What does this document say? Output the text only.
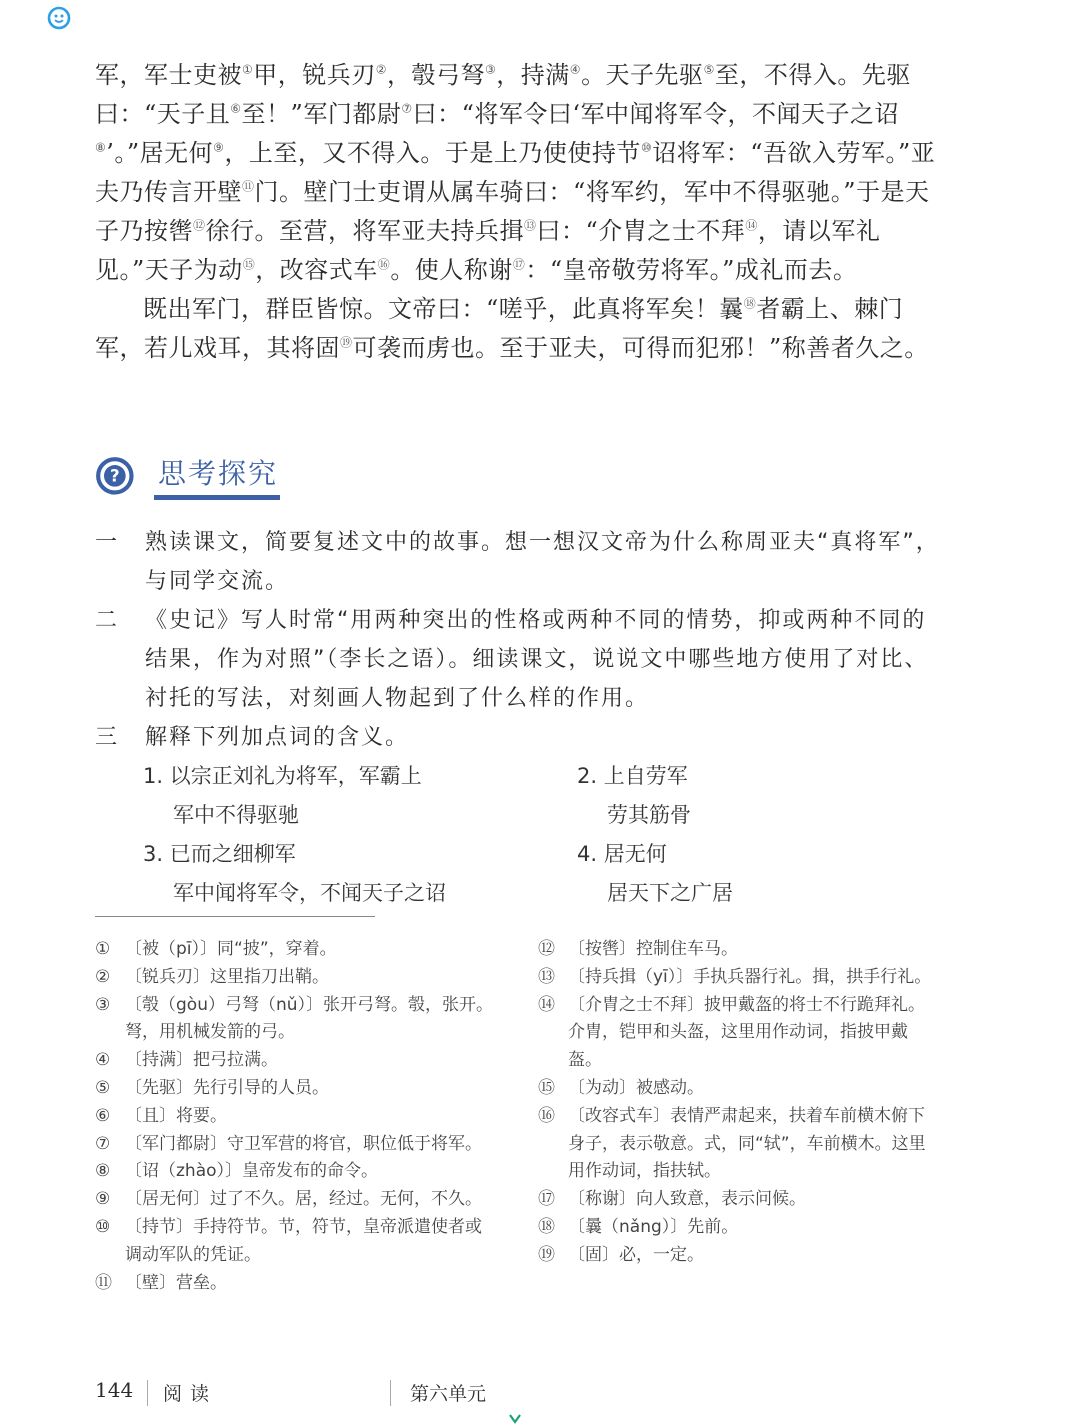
军，军士吏被①甲，锐兵刃②，彀弓弩③，持满④。天子先驱⑤至，不得入。先驱曰：“天子且⑥至！”军门都尉⑦曰：“将军令曰‘军中闻将军令，不闻天子之诏⑧’。”居无何⑨，上至，又不得入。于是上乃使使持节⑩诏将军：“吾欲入劳军。”亚夫乃传言开壁⑪门。壁门士吏谓从属车骑曰：“将军约，军中不得驱驰。”于是天子乃按辔⑫徐行。至营，将军亚夫持兵揖⑬曰：“介胄之士不拜⑭，请以军礼见。”天子为动⑮，改容式车⑯。使人称谢⑰：“皇帝敬劳将军。”成礼而去。

既出军门，群臣皆惊。文帝曰：“嗟乎，此真将军矣！曩⑱者霸上、棘门军，若儿戏耳，其将固⑲可袭而虏也。至于亚夫，可得而犯邪！”称善者久之。

? 思考探究
一	熟读课文，简要复述文中的故事。想一想汉文帝为什么称周亚夫“真将军”，与同学交流。
二	《史记》写人时常“用两种突出的性格或两种不同的情势，抑或两种不同的结果，作为对照”（李长之语）。细读课文，说说文中哪些地方使用了对比、衬托的写法，对刻画人物起到了什么样的作用。
三	解释下列加点词的含义。
1. 以宗正刘礼为将军，军霸上
军中不得驱驰
2. 上自劳军
劳其筋骨
3. 已而之细柳军
军中闻将军令，不闻天子之诏
4. 居无何
居天下之广居
① 〔被（pī）〕同“披”，穿着。
② 〔锐兵刃〕这里指刀出鞘。
③ 〔彀（gòu）弓弩（nǔ）〕张开弓弩。彀，张开。弩，用机械发箭的弓。
④ 〔持满〕把弓拉满。
⑤ 〔先驱〕先行引导的人员。
⑥ 〔且〕将要。
⑦ 〔军门都尉〕守卫军营的将官，职位低于将军。
⑧ 〔诏（zhào）〕皇帝发布的命令。
⑨ 〔居无何〕过了不久。居，经过。无何，不久。
⑩ 〔持节〕手持符节。节，符节，皇帝派遣使者或调动军队的凭证。
⑪ 〔壁〕营垒。
⑫ 〔按辔〕控制住车马。
⑬ 〔持兵揖（yī）〕手执兵器行礼。揖，拱手行礼。
⑭ 〔介胄之士不拜〕披甲戴盔的将士不行跪拜礼。介胄，铠甲和头盔，这里用作动词，指披甲戴盔。
⑮ 〔为动〕被感动。
⑯ 〔改容式车〕表情严肃起来，扶着车前横木俯下身子，表示敬意。式，同“轼”，车前横木。这里用作动词，指扶轼。
⑰ 〔称谢〕向人致意，表示问候。
⑱ 〔曩（nǎng）〕先前。
⑲ 〔固〕必，一定。
144 阅读	第六单元
